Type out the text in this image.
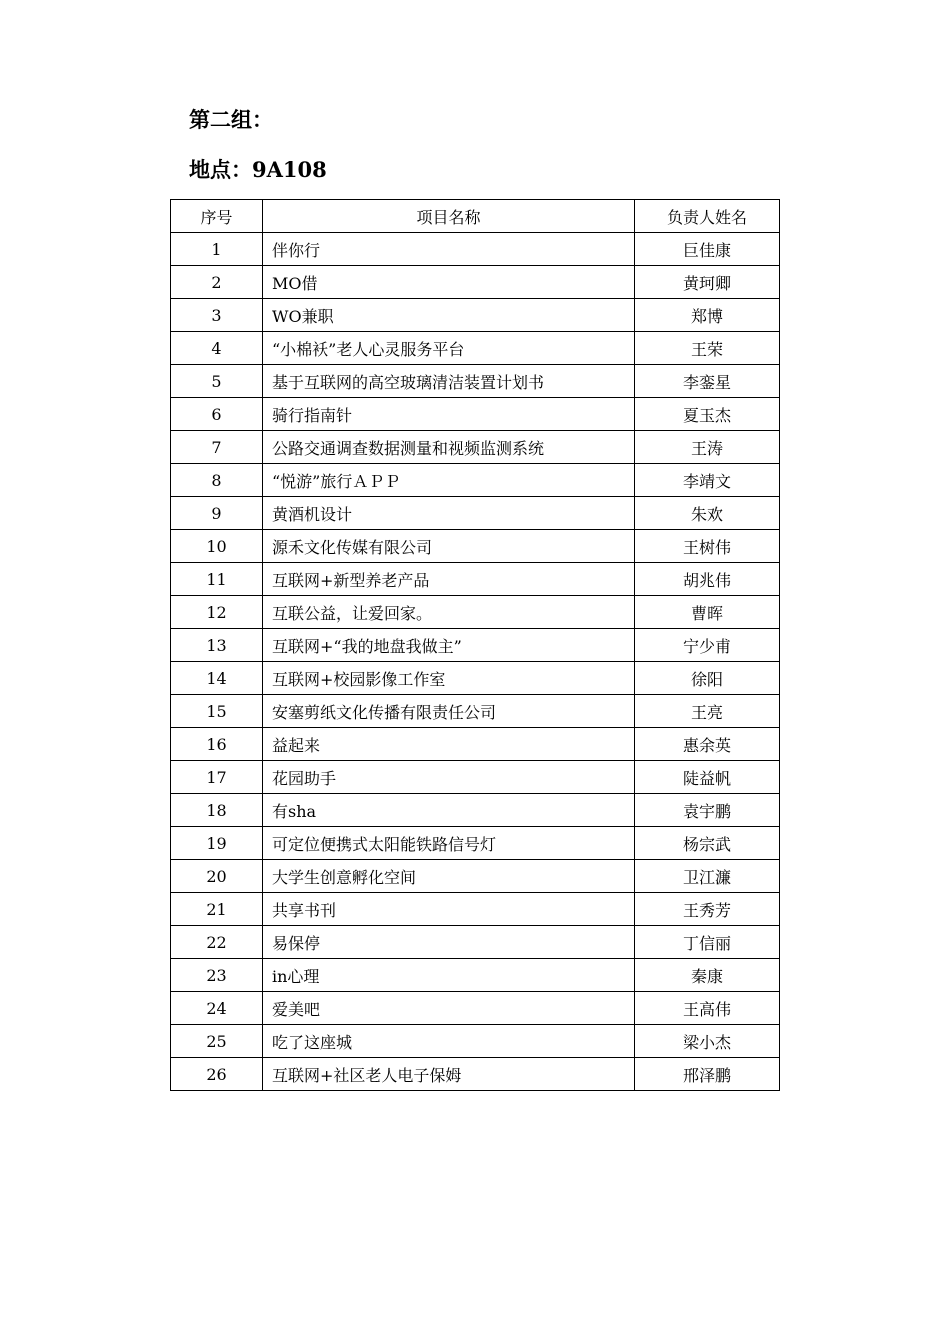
第二组：
地点：9A108
序号	项目名称	负责人姓名
1	伴你行	巨佳康
2	MO借	黄珂卿
3	WO兼职	郑博
4	“小棉袄”老人心灵服务平台	王荣
5	基于互联网的高空玻璃清洁装置计划书	李銮星
6	骑行指南针	夏玉杰
7	公路交通调查数据测量和视频监测系统	王涛
8	“悦游”旅行ＡＰＰ	李靖文
9	黄酒机设计	朱欢
10	源禾文化传媒有限公司	王树伟
11	互联网+新型养老产品	胡兆伟
12	互联公益，让爱回家。	曹晖
13	互联网+“我的地盘我做主”	宁少甫
14	互联网+校园影像工作室	徐阳
15	安塞剪纸文化传播有限责任公司	王亮
16	益起来	惠余英
17	花园助手	陡益帆
18	有sha	袁宇鹏
19	可定位便携式太阳能铁路信号灯	杨宗武
20	大学生创意孵化空间	卫江濂
21	共享书刊	王秀芳
22	易保停	丁信丽
23	in心理	秦康
24	爱美吧	王高伟
25	吃了这座城	梁小杰
26	互联网+社区老人电子保姆	邢泽鹏
